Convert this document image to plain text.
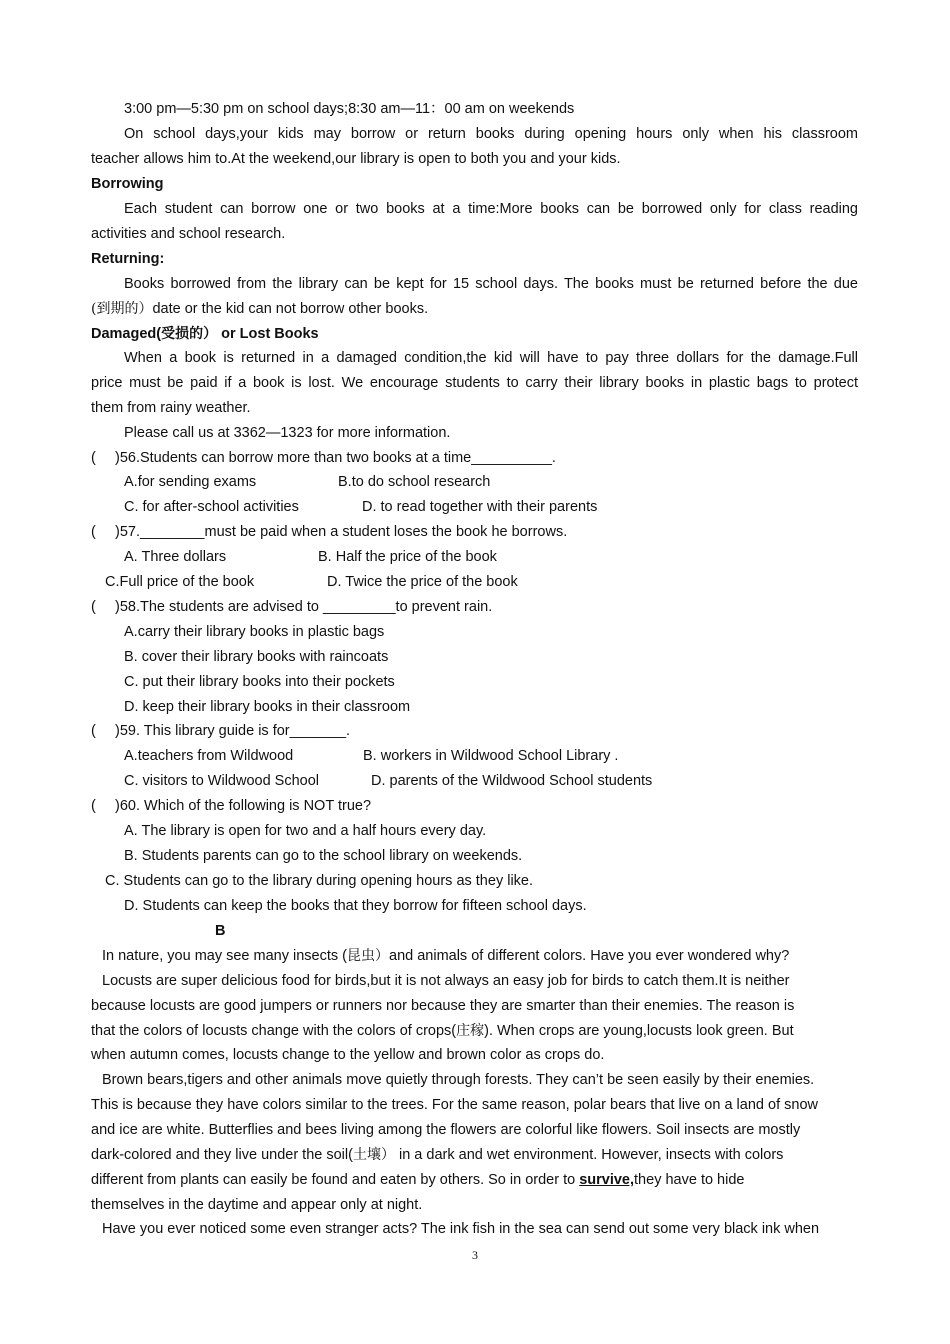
3:00 pm—5:30 pm on school days;8:30 am—11：00 am on weekends
On school days,your kids may borrow or return books during opening hours only when his classroom
teacher allows him to.At the weekend,our library is open to both you and your kids.
Borrowing
Each student can borrow one or two books at a time:More books can be borrowed only for class reading
activities and school research.
Returning:
Books borrowed from the library can be kept for 15 school days. The books must be returned before the due
(到期的）date or the kid can not borrow other books.
Damaged(受损的） or Lost Books
When a book is returned in a damaged condition,the kid will have to pay three dollars for the damage.Full
price must be paid if a book is lost. We encourage students to carry their library books in plastic bags to protect
them from rainy weather.
Please call us at 3362—1323 for more information.
( )56.Students can borrow more than two books at a time__________.
A.for sending exams	B.to do school research
C. for after-school activities	D. to read together with their parents
( )57.________must be paid when a student loses the book he borrows.
A. Three dollars	B. Half the price of the book
C.Full price of the book	D. Twice the price of the book
( )58.The students are advised to _________to prevent rain.
A.carry their library books in plastic bags
B. cover their library books with raincoats
C. put their library books into their pockets
D. keep their library books in their classroom
( )59. This library guide is for_______.
A.teachers from Wildwood	B. workers in Wildwood School Library .
C. visitors to Wildwood School	D. parents of the Wildwood School students
( )60. Which of the following is NOT true?
A. The library is open for two and a half hours every day.
B. Students parents can go to the school library on weekends.
C. Students can go to the library during opening hours as they like.
D. Students can keep the books that they borrow for fifteen school days.
B
In nature, you may see many insects (昆虫）and animals of different colors. Have you ever wondered why?
Locusts are super delicious food for birds,but it is not always an easy job for birds to catch them.It is neither
because locusts are good jumpers or runners nor because they are smarter than their enemies. The reason is
that the colors of locusts change with the colors of crops(庄稼). When crops are young,locusts look green. But
when autumn comes, locusts change to the yellow and brown color as crops do.
Brown bears,tigers and other animals move quietly through forests. They can’t be seen easily by their enemies.
This is because they have colors similar to the trees. For the same reason, polar bears that live on a land of snow
and ice are white. Butterflies and bees living among the flowers are colorful like flowers. Soil insects are mostly
dark-colored and they live under the soil(土壤） in a dark and wet environment. However, insects with colors
different from plants can easily be found and eaten by others. So in order to survive,they have to hide
themselves in the daytime and appear only at night.
Have you ever noticed some even stranger acts? The ink fish in the sea can send out some very black ink when
3
